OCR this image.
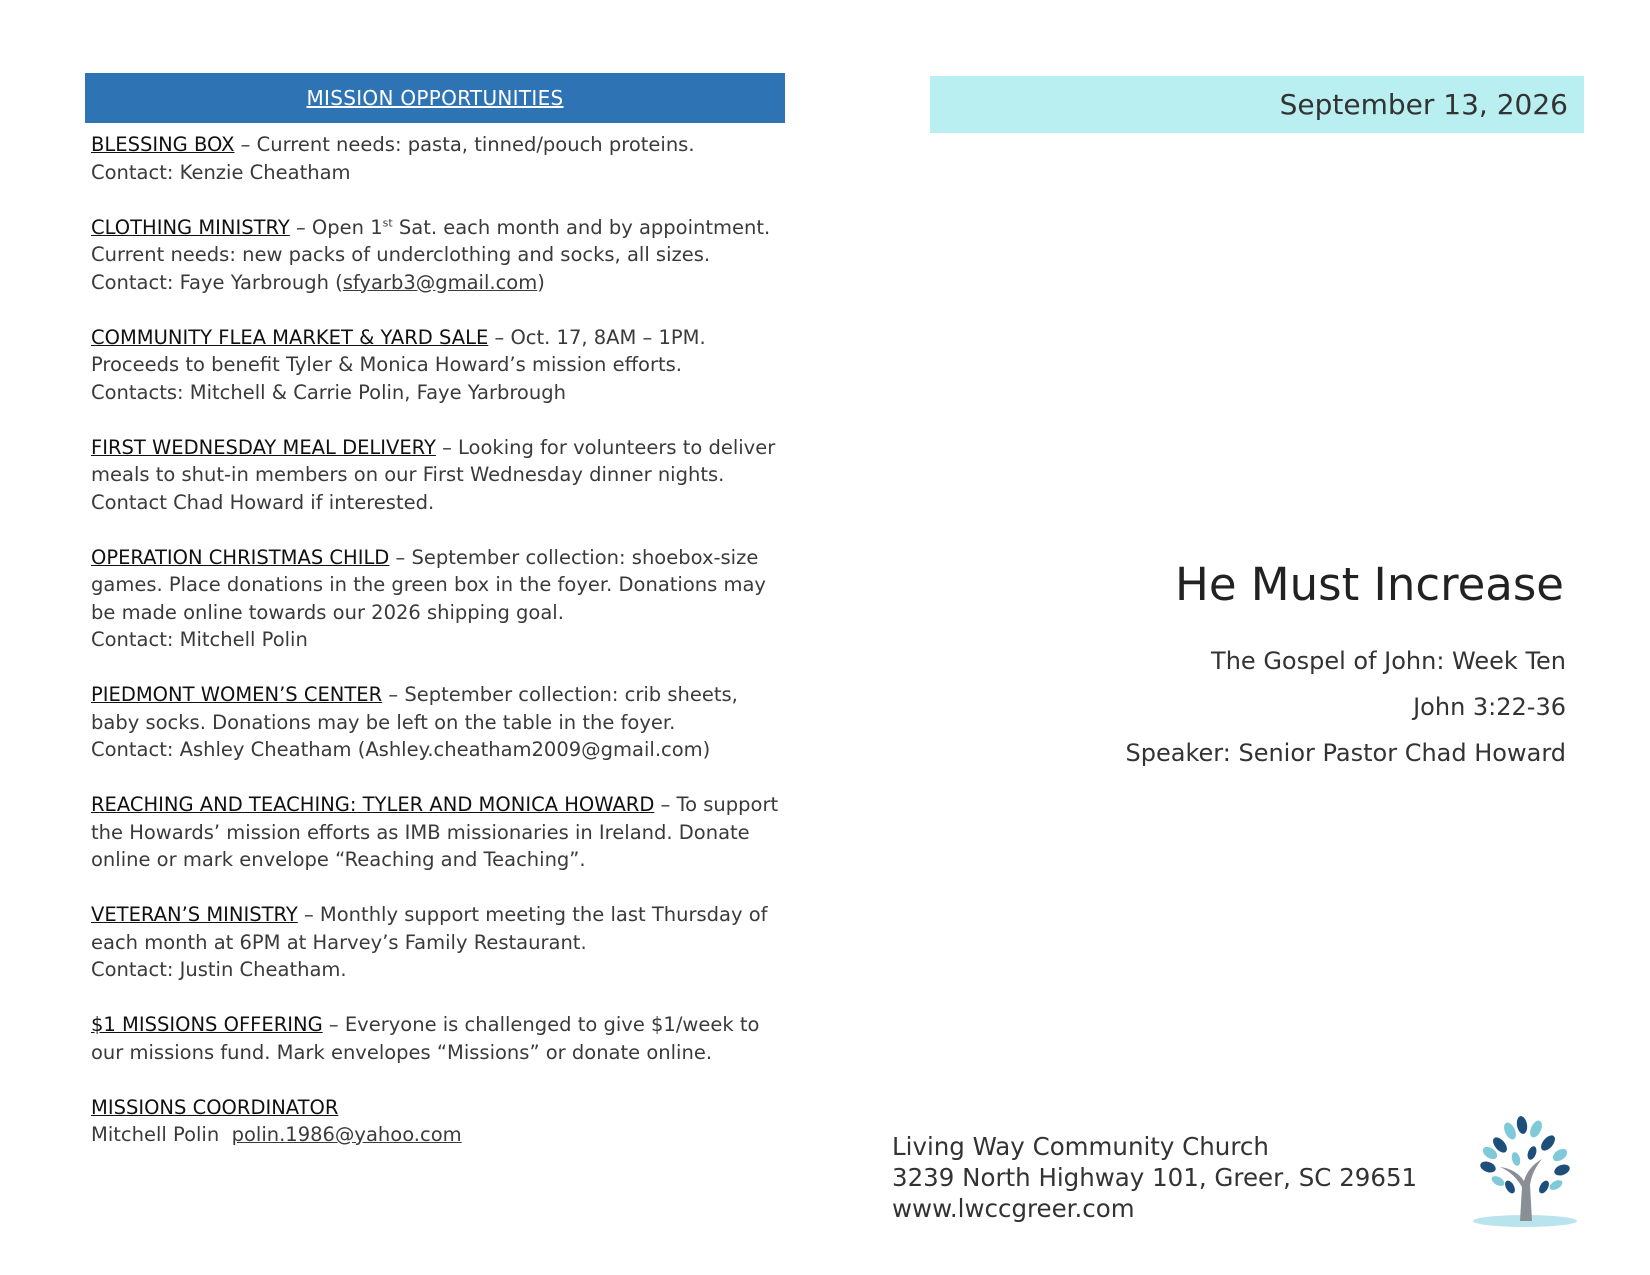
MISSION OPPORTUNITIES

BLESSING BOX – Current needs: pasta, tinned/pouch proteins.

Contact: Kenzie Cheatham

CLOTHING MINISTRY – Open 1st Sat. each month and by appointment. Current needs: new packs of underclothing and socks, all sizes.

Contact: Faye Yarbrough (sfyarb3@gmail.com)

COMMUNITY FLEA MARKET & YARD SALE – Oct. 17, 8AM – 1PM. Proceeds to benefit Tyler & Monica Howard’s mission efforts.

Contacts: Mitchell & Carrie Polin, Faye Yarbrough

FIRST WEDNESDAY MEAL DELIVERY – Looking for volunteers to deliver meals to shut-in members on our First Wednesday dinner nights. Contact Chad Howard if interested.

OPERATION CHRISTMAS CHILD – September collection: shoebox-size games. Place donations in the green box in the foyer. Donations may be made online towards our 2026 shipping goal.

Contact: Mitchell Polin

PIEDMONT WOMEN’S CENTER – September collection: crib sheets, baby socks. Donations may be left on the table in the foyer.

Contact: Ashley Cheatham (Ashley.cheatham2009@gmail.com)

REACHING AND TEACHING: TYLER AND MONICA HOWARD – To support the Howards’ mission efforts as IMB missionaries in Ireland. Donate online or mark envelope “Reaching and Teaching”.

VETERAN’S MINISTRY – Monthly support meeting the last Thursday of each month at 6PM at Harvey’s Family Restaurant.

Contact: Justin Cheatham.

$1 MISSIONS OFFERING – Everyone is challenged to give $1/week to our missions fund. Mark envelopes “Missions” or donate online.

MISSIONS COORDINATOR

Mitchell Polin  polin.1986@yahoo.com

September 13, 2026
He Must Increase
The Gospel of John: Week Ten
John 3:22-36
Speaker: Senior Pastor Chad Howard
Living Way Community Church
3239 North Highway 101, Greer, SC 29651
www.lwccgreer.com
